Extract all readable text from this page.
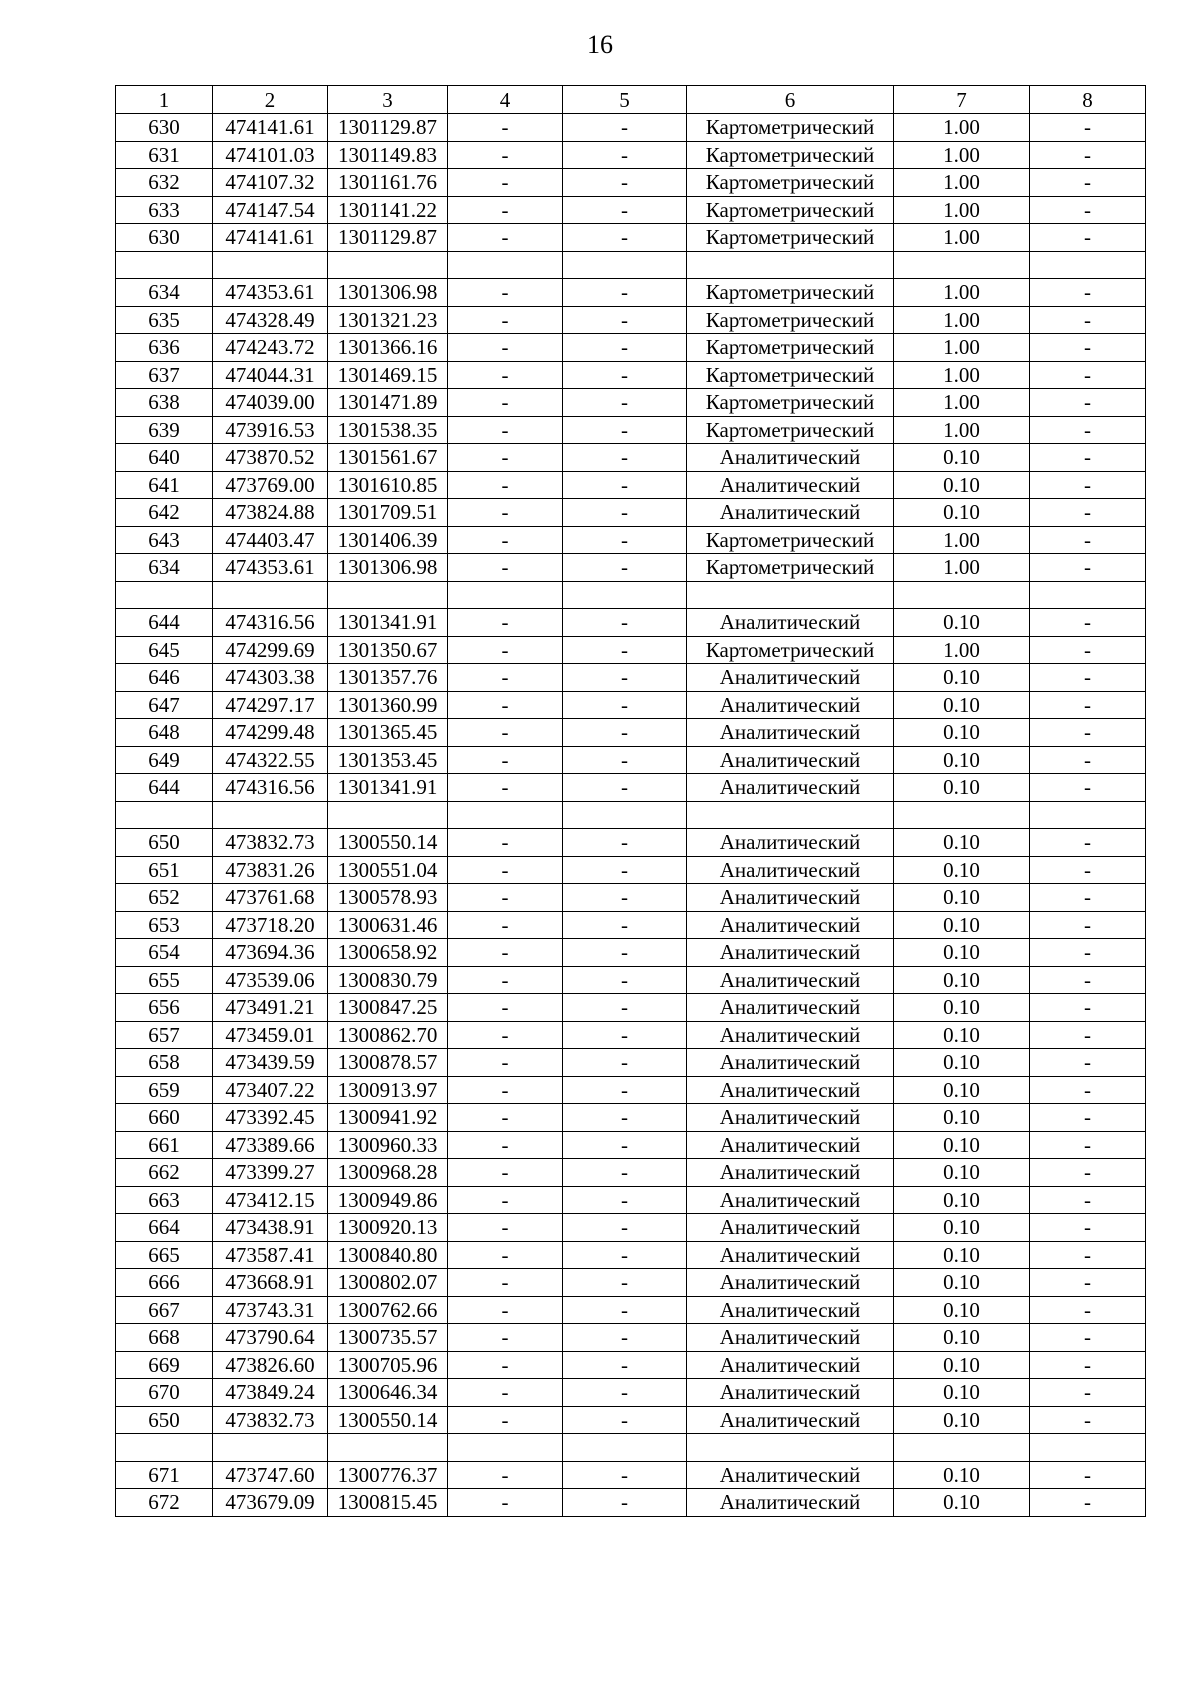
16
1	2	3	4	5	6	7	8
630	474141.61	1301129.87	-	-	Картометрический	1.00	-
631	474101.03	1301149.83	-	-	Картометрический	1.00	-
632	474107.32	1301161.76	-	-	Картометрический	1.00	-
633	474147.54	1301141.22	-	-	Картометрический	1.00	-
630	474141.61	1301129.87	-	-	Картометрический	1.00	-

634	474353.61	1301306.98	-	-	Картометрический	1.00	-
635	474328.49	1301321.23	-	-	Картометрический	1.00	-
636	474243.72	1301366.16	-	-	Картометрический	1.00	-
637	474044.31	1301469.15	-	-	Картометрический	1.00	-
638	474039.00	1301471.89	-	-	Картометрический	1.00	-
639	473916.53	1301538.35	-	-	Картометрический	1.00	-
640	473870.52	1301561.67	-	-	Аналитический	0.10	-
641	473769.00	1301610.85	-	-	Аналитический	0.10	-
642	473824.88	1301709.51	-	-	Аналитический	0.10	-
643	474403.47	1301406.39	-	-	Картометрический	1.00	-
634	474353.61	1301306.98	-	-	Картометрический	1.00	-

644	474316.56	1301341.91	-	-	Аналитический	0.10	-
645	474299.69	1301350.67	-	-	Картометрический	1.00	-
646	474303.38	1301357.76	-	-	Аналитический	0.10	-
647	474297.17	1301360.99	-	-	Аналитический	0.10	-
648	474299.48	1301365.45	-	-	Аналитический	0.10	-
649	474322.55	1301353.45	-	-	Аналитический	0.10	-
644	474316.56	1301341.91	-	-	Аналитический	0.10	-

650	473832.73	1300550.14	-	-	Аналитический	0.10	-
651	473831.26	1300551.04	-	-	Аналитический	0.10	-
652	473761.68	1300578.93	-	-	Аналитический	0.10	-
653	473718.20	1300631.46	-	-	Аналитический	0.10	-
654	473694.36	1300658.92	-	-	Аналитический	0.10	-
655	473539.06	1300830.79	-	-	Аналитический	0.10	-
656	473491.21	1300847.25	-	-	Аналитический	0.10	-
657	473459.01	1300862.70	-	-	Аналитический	0.10	-
658	473439.59	1300878.57	-	-	Аналитический	0.10	-
659	473407.22	1300913.97	-	-	Аналитический	0.10	-
660	473392.45	1300941.92	-	-	Аналитический	0.10	-
661	473389.66	1300960.33	-	-	Аналитический	0.10	-
662	473399.27	1300968.28	-	-	Аналитический	0.10	-
663	473412.15	1300949.86	-	-	Аналитический	0.10	-
664	473438.91	1300920.13	-	-	Аналитический	0.10	-
665	473587.41	1300840.80	-	-	Аналитический	0.10	-
666	473668.91	1300802.07	-	-	Аналитический	0.10	-
667	473743.31	1300762.66	-	-	Аналитический	0.10	-
668	473790.64	1300735.57	-	-	Аналитический	0.10	-
669	473826.60	1300705.96	-	-	Аналитический	0.10	-
670	473849.24	1300646.34	-	-	Аналитический	0.10	-
650	473832.73	1300550.14	-	-	Аналитический	0.10	-

671	473747.60	1300776.37	-	-	Аналитический	0.10	-
672	473679.09	1300815.45	-	-	Аналитический	0.10	-
